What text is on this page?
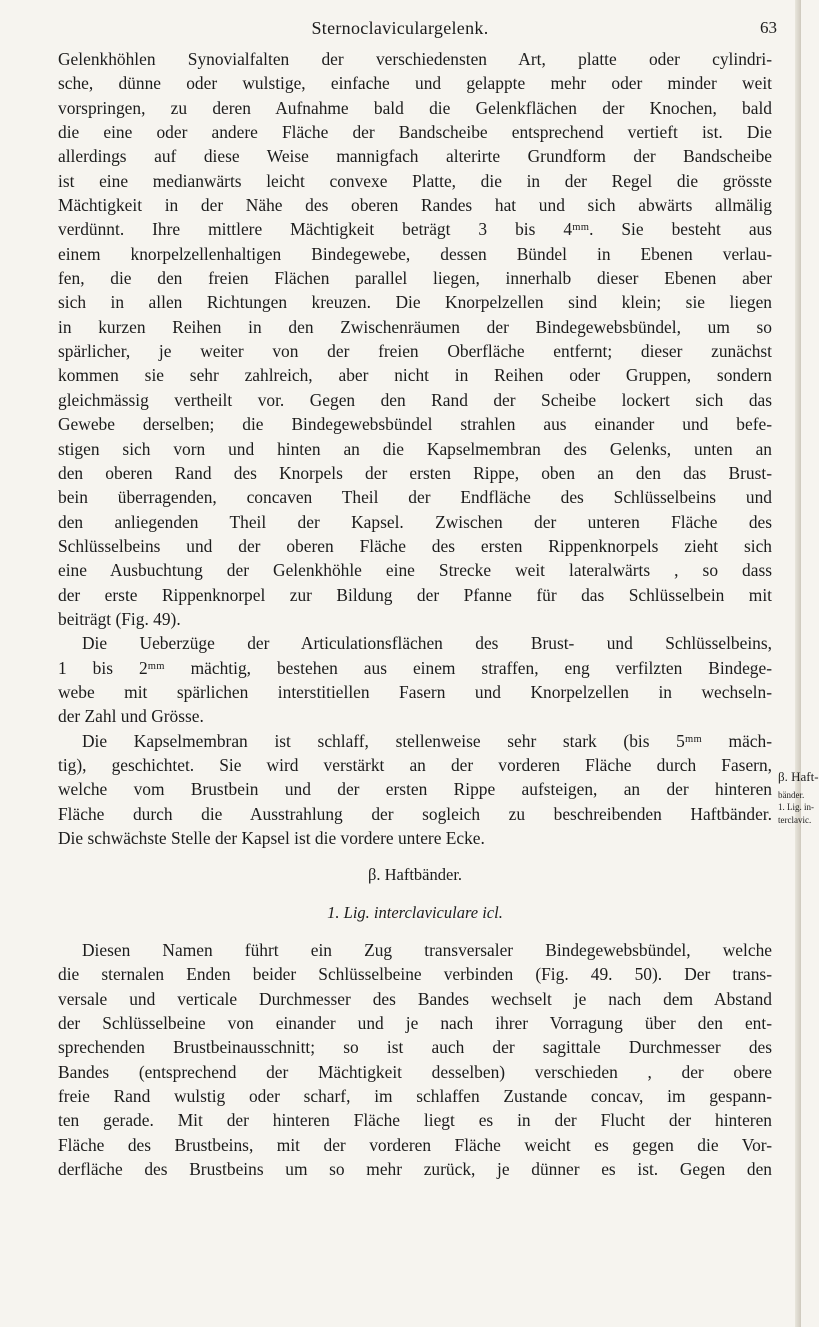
Sternoclaviculargelenk.	63
Gelenkhöhlen Synovialfalten der verschiedensten Art, platte oder cylindri-
sche, dünne oder wulstige, einfache und gelappte mehr oder minder weit
vorspringen, zu deren Aufnahme bald die Gelenkflächen der Knochen, bald
die eine oder andere Fläche der Bandscheibe entsprechend vertieft ist. Die
allerdings auf diese Weise mannigfach alterirte Grundform der Bandscheibe
ist eine medianwärts leicht convexe Platte, die in der Regel die grösste
Mächtigkeit in der Nähe des oberen Randes hat und sich abwärts allmälig
verdünnt. Ihre mittlere Mächtigkeit beträgt 3 bis 4ᵐᵐ. Sie besteht aus
einem knorpelzellenhaltigen Bindegewebe, dessen Bündel in Ebenen verlau-
fen, die den freien Flächen parallel liegen, innerhalb dieser Ebenen aber
sich in allen Richtungen kreuzen. Die Knorpelzellen sind klein; sie liegen
in kurzen Reihen in den Zwischenräumen der Bindegewebsbündel, um so
spärlicher, je weiter von der freien Oberfläche entfernt; dieser zunächst
kommen sie sehr zahlreich, aber nicht in Reihen oder Gruppen, sondern
gleichmässig vertheilt vor. Gegen den Rand der Scheibe lockert sich das
Gewebe derselben; die Bindegewebsbündel strahlen aus einander und befe-
stigen sich vorn und hinten an die Kapselmembran des Gelenks, unten an
den oberen Rand des Knorpels der ersten Rippe, oben an den das Brust-
bein überragenden, concaven Theil der Endfläche des Schlüsselbeins und
den anliegenden Theil der Kapsel. Zwischen der unteren Fläche des
Schlüsselbeins und der oberen Fläche des ersten Rippenknorpels zieht sich
eine Ausbuchtung der Gelenkhöhle eine Strecke weit lateralwärts , so dass
der erste Rippenknorpel zur Bildung der Pfanne für das Schlüsselbein mit
beiträgt (Fig. 49).
Die Ueberzüge der Articulationsflächen des Brust- und Schlüsselbeins,
1 bis 2ᵐᵐ mächtig, bestehen aus einem straffen, eng verfilzten Bindege-
webe mit spärlichen interstitiellen Fasern und Knorpelzellen in wechseln-
der Zahl und Grösse.
Die Kapselmembran ist schlaff, stellenweise sehr stark (bis 5ᵐᵐ mäch-
tig), geschichtet. Sie wird verstärkt an der vorderen Fläche durch Fasern,
welche vom Brustbein und der ersten Rippe aufsteigen, an der hinteren
Fläche durch die Ausstrahlung der sogleich zu beschreibenden Haftbänder.
Die schwächste Stelle der Kapsel ist die vordere untere Ecke.
β. Haftbänder.
1. Lig. interclaviculare icl.
Diesen Namen führt ein Zug transversaler Bindegewebsbündel, welche
die sternalen Enden beider Schlüsselbeine verbinden (Fig. 49. 50). Der trans-
versale und verticale Durchmesser des Bandes wechselt je nach dem Abstand
der Schlüsselbeine von einander und je nach ihrer Vorragung über den ent-
sprechenden Brustbeinausschnitt; so ist auch der sagittale Durchmesser des
Bandes (entsprechend der Mächtigkeit desselben) verschieden , der obere
freie Rand wulstig oder scharf, im schlaffen Zustande concav, im gespann-
ten gerade. Mit der hinteren Fläche liegt es in der Flucht der hinteren
Fläche des Brustbeins, mit der vorderen Fläche weicht es gegen die Vor-
derfläche des Brustbeins um so mehr zurück, je dünner es ist. Gegen den
β. Haft-
bänder.
1. Lig. in-
terclavic.
